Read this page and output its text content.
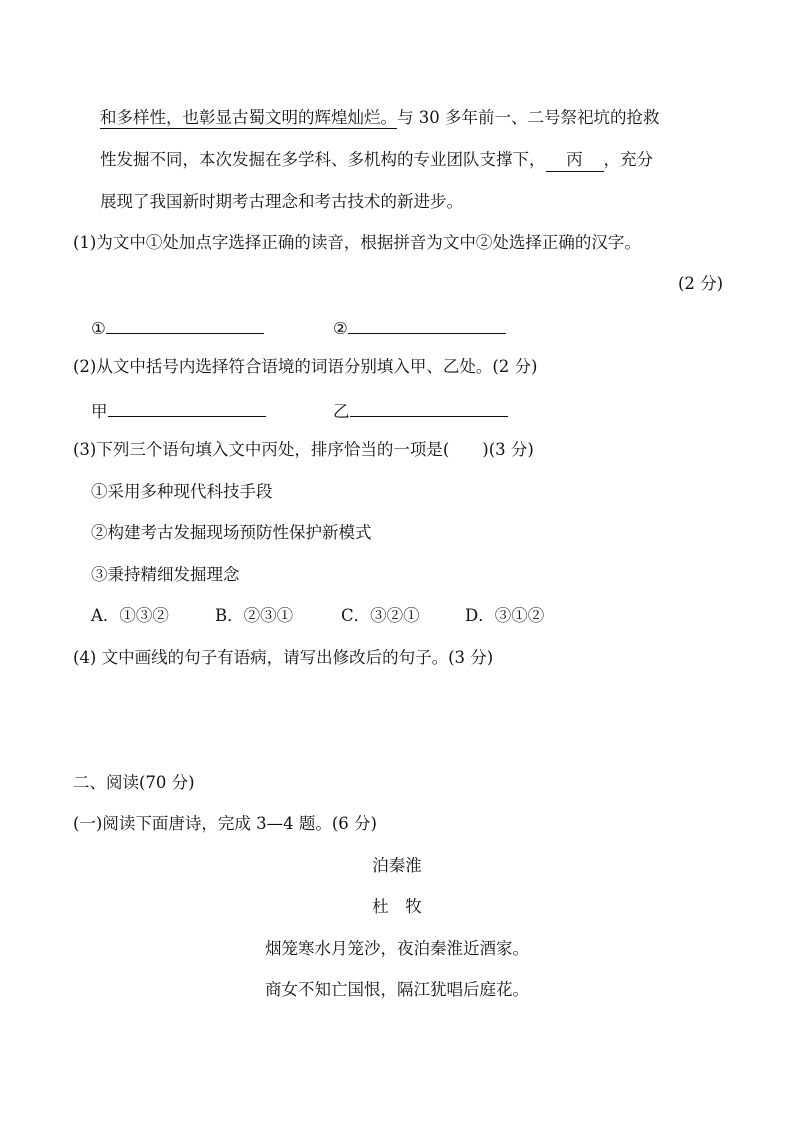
和多样性，也彰显古蜀文明的辉煌灿烂。与 30 多年前一、二号祭祀坑的抢救
性发掘不同，本次发掘在多学科、多机构的专业团队支撑下， 丙 ，充分
展现了我国新时期考古理念和考古技术的新进步。
(1)为文中①处加点字选择正确的读音，根据拼音为文中②处选择正确的汉字。
(2 分)
①	②
(2)从文中括号内选择符合语境的词语分别填入甲、乙处。(2 分)
甲	乙
(3)下列三个语句填入文中丙处，排序恰当的一项是(　　)(3 分)
①采用多种现代科技手段
②构建考古发掘现场预防性保护新模式
③秉持精细发掘理念
A．①③②	B．②③①	C．③②①	D．③①②
(4) 文中画线的句子有语病，请写出修改后的句子。(3 分)
二、阅读(70 分)
(一)阅读下面唐诗，完成 3—4 题。(6 分)
泊秦淮
杜　牧
烟笼寒水月笼沙，夜泊秦淮近酒家。
商女不知亡国恨，隔江犹唱后庭花。
